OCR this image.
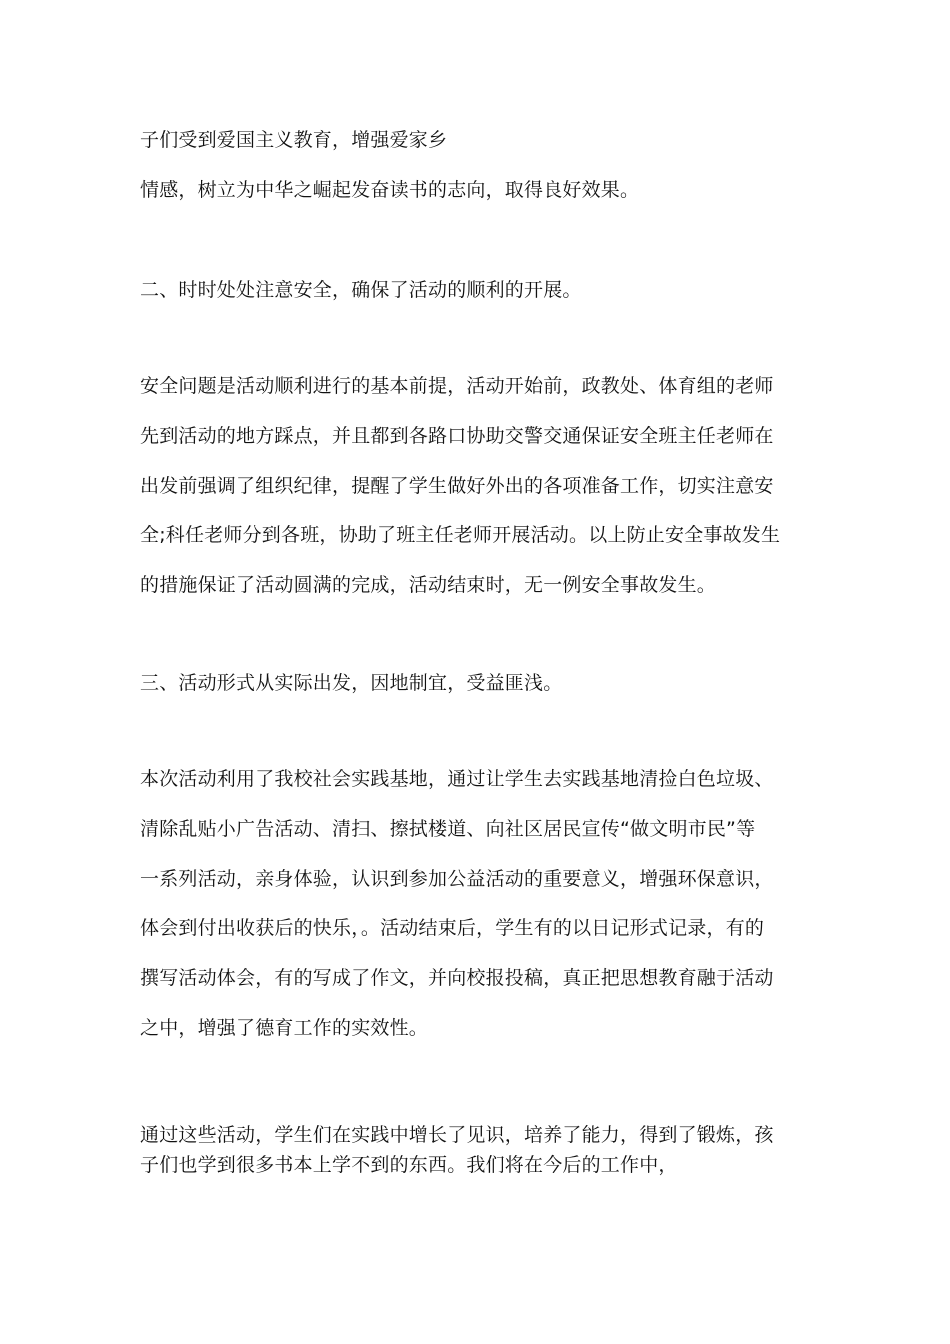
子们受到爱国主义教育，增强爱家乡
情感，树立为中华之崛起发奋读书的志向，取得良好效果。
二、时时处处注意安全，确保了活动的顺利的开展。
安全问题是活动顺利进行的基本前提，活动开始前，政教处、体育组的老师
先到活动的地方踩点，并且都到各路口协助交警交通保证安全班主任老师在
出发前强调了组织纪律，提醒了学生做好外出的各项准备工作，切实注意安
全;科任老师分到各班，协助了班主任老师开展活动。以上防止安全事故发生
的措施保证了活动圆满的完成，活动结束时，无一例安全事故发生。
三、活动形式从实际出发，因地制宜，受益匪浅。
本次活动利用了我校社会实践基地，通过让学生去实践基地清捡白色垃圾、
清除乱贴小广告活动、清扫、擦拭楼道、向社区居民宣传“做文明市民”等
一系列活动，亲身体验，认识到参加公益活动的重要意义，增强环保意识，
体会到付出收获后的快乐，。活动结束后，学生有的以日记形式记录，有的
撰写活动体会，有的写成了作文，并向校报投稿，真正把思想教育融于活动
之中，增强了德育工作的实效性。
通过这些活动，学生们在实践中增长了见识，培养了能力，得到了锻炼，孩
子们也学到很多书本上学不到的东西。我们将在今后的工作中，
